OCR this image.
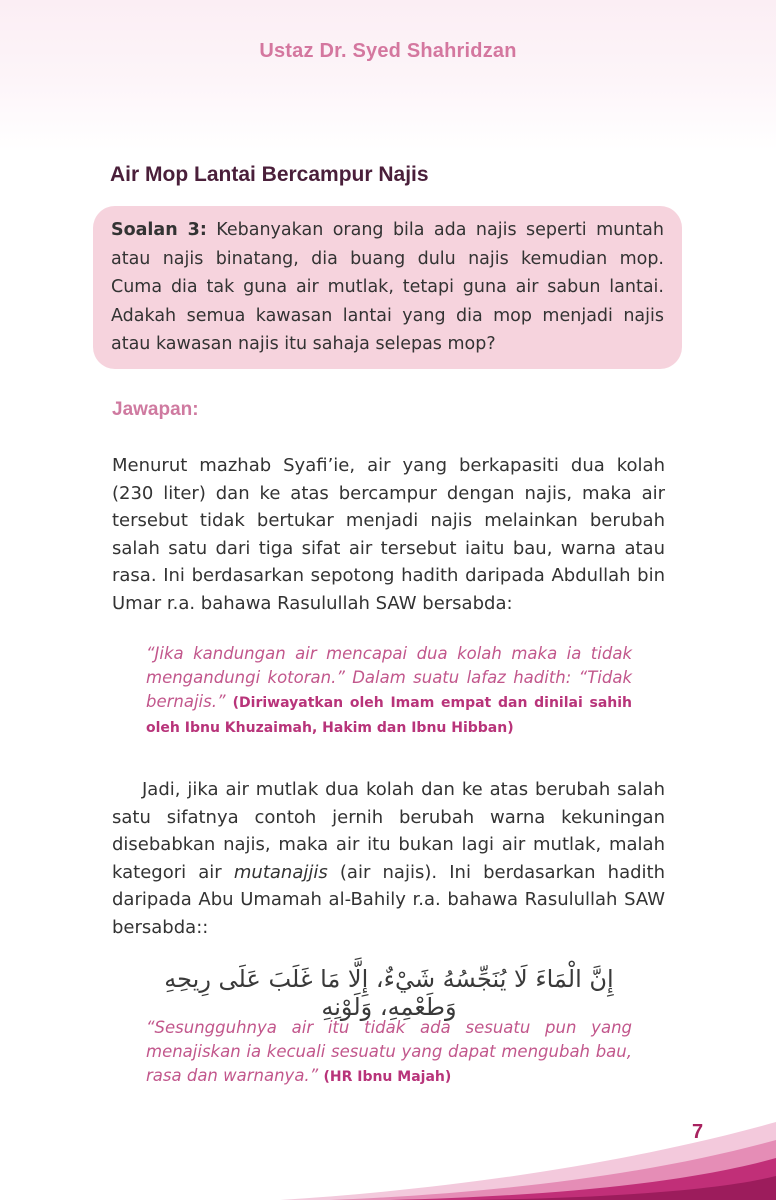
Ustaz Dr. Syed Shahridzan
Air Mop Lantai Bercampur Najis
Soalan 3: Kebanyakan orang bila ada najis seperti muntah atau najis binatang, dia buang dulu najis kemudian mop. Cuma dia tak guna air mutlak, tetapi guna air sabun lantai. Adakah semua kawasan lantai yang dia mop menjadi najis atau kawasan najis itu sahaja selepas mop?
Jawapan:
Menurut mazhab Syafi’ie, air yang berkapasiti dua kolah (230 liter) dan ke atas bercampur dengan najis, maka air tersebut tidak bertukar menjadi najis melainkan berubah salah satu dari tiga sifat air tersebut iaitu bau, warna atau rasa. Ini berdasarkan sepotong hadith daripada Abdullah bin Umar r.a. bahawa Rasulullah SAW bersabda:
“Jika kandungan air mencapai dua kolah maka ia tidak mengandungi kotoran.” Dalam suatu lafaz hadith: “Tidak bernajis.” (Diriwayatkan oleh Imam empat dan dinilai sahih oleh Ibnu Khuzaimah, Hakim dan Ibnu Hibban)
Jadi, jika air mutlak dua kolah dan ke atas berubah salah satu sifatnya contoh jernih berubah warna kekuningan disebabkan najis, maka air itu bukan lagi air mutlak, malah kategori air mutanajjis (air najis). Ini berdasarkan hadith daripada Abu Umamah al-Bahily r.a. bahawa Rasulullah SAW bersabda::
إِنَّ الْمَاءَ لَا يُنَجِّسُهُ شَيْءٌ، إِلَّا مَا غَلَبَ عَلَى رِيحِهِ وَطَعْمِهِ، وَلَوْنِهِ
“Sesungguhnya air itu tidak ada sesuatu pun yang menajiskan ia kecuali sesuatu yang dapat mengubah bau, rasa dan warnanya.” (HR Ibnu Majah)
7
